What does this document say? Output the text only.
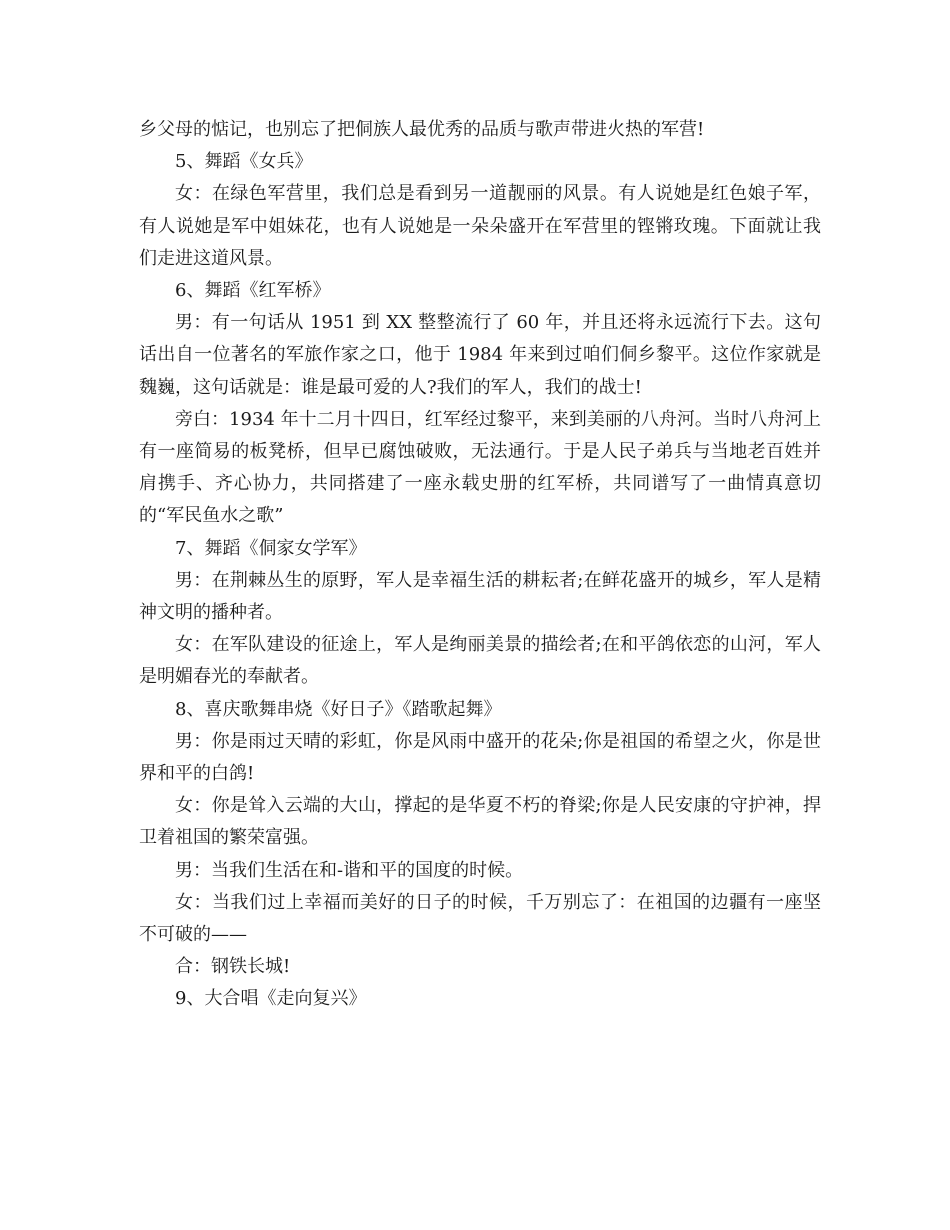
乡父母的惦记，也别忘了把侗族人最优秀的品质与歌声带进火热的军营!

5、舞蹈《女兵》

女：在绿色军营里，我们总是看到另一道靓丽的风景。有人说她是红色娘子军，有人说她是军中姐妹花，也有人说她是一朵朵盛开在军营里的铿锵玫瑰。下面就让我们走进这道风景。

6、舞蹈《红军桥》

男：有一句话从 1951 到 XX 整整流行了 60 年，并且还将永远流行下去。这句话出自一位著名的军旅作家之口，他于 1984 年来到过咱们侗乡黎平。这位作家就是魏巍，这句话就是：谁是最可爱的人?我们的军人，我们的战士!

旁白：1934 年十二月十四日，红军经过黎平，来到美丽的八舟河。当时八舟河上有一座简易的板凳桥，但早已腐蚀破败，无法通行。于是人民子弟兵与当地老百姓并肩携手、齐心协力，共同搭建了一座永载史册的红军桥，共同谱写了一曲情真意切的“军民鱼水之歌”

7、舞蹈《侗家女学军》

男：在荆棘丛生的原野，军人是幸福生活的耕耘者;在鲜花盛开的城乡，军人是精神文明的播种者。

女：在军队建设的征途上，军人是绚丽美景的描绘者;在和平鸽依恋的山河，军人是明媚春光的奉献者。

8、喜庆歌舞串烧《好日子》《踏歌起舞》

男：你是雨过天晴的彩虹，你是风雨中盛开的花朵;你是祖国的希望之火，你是世界和平的白鸽!

女：你是耸入云端的大山，撑起的是华夏不朽的脊梁;你是人民安康的守护神，捍卫着祖国的繁荣富强。

男：当我们生活在和-谐和平的国度的时候。

女：当我们过上幸福而美好的日子的时候，千万别忘了：在祖国的边疆有一座坚不可破的——

合：钢铁长城!

9、大合唱《走向复兴》
